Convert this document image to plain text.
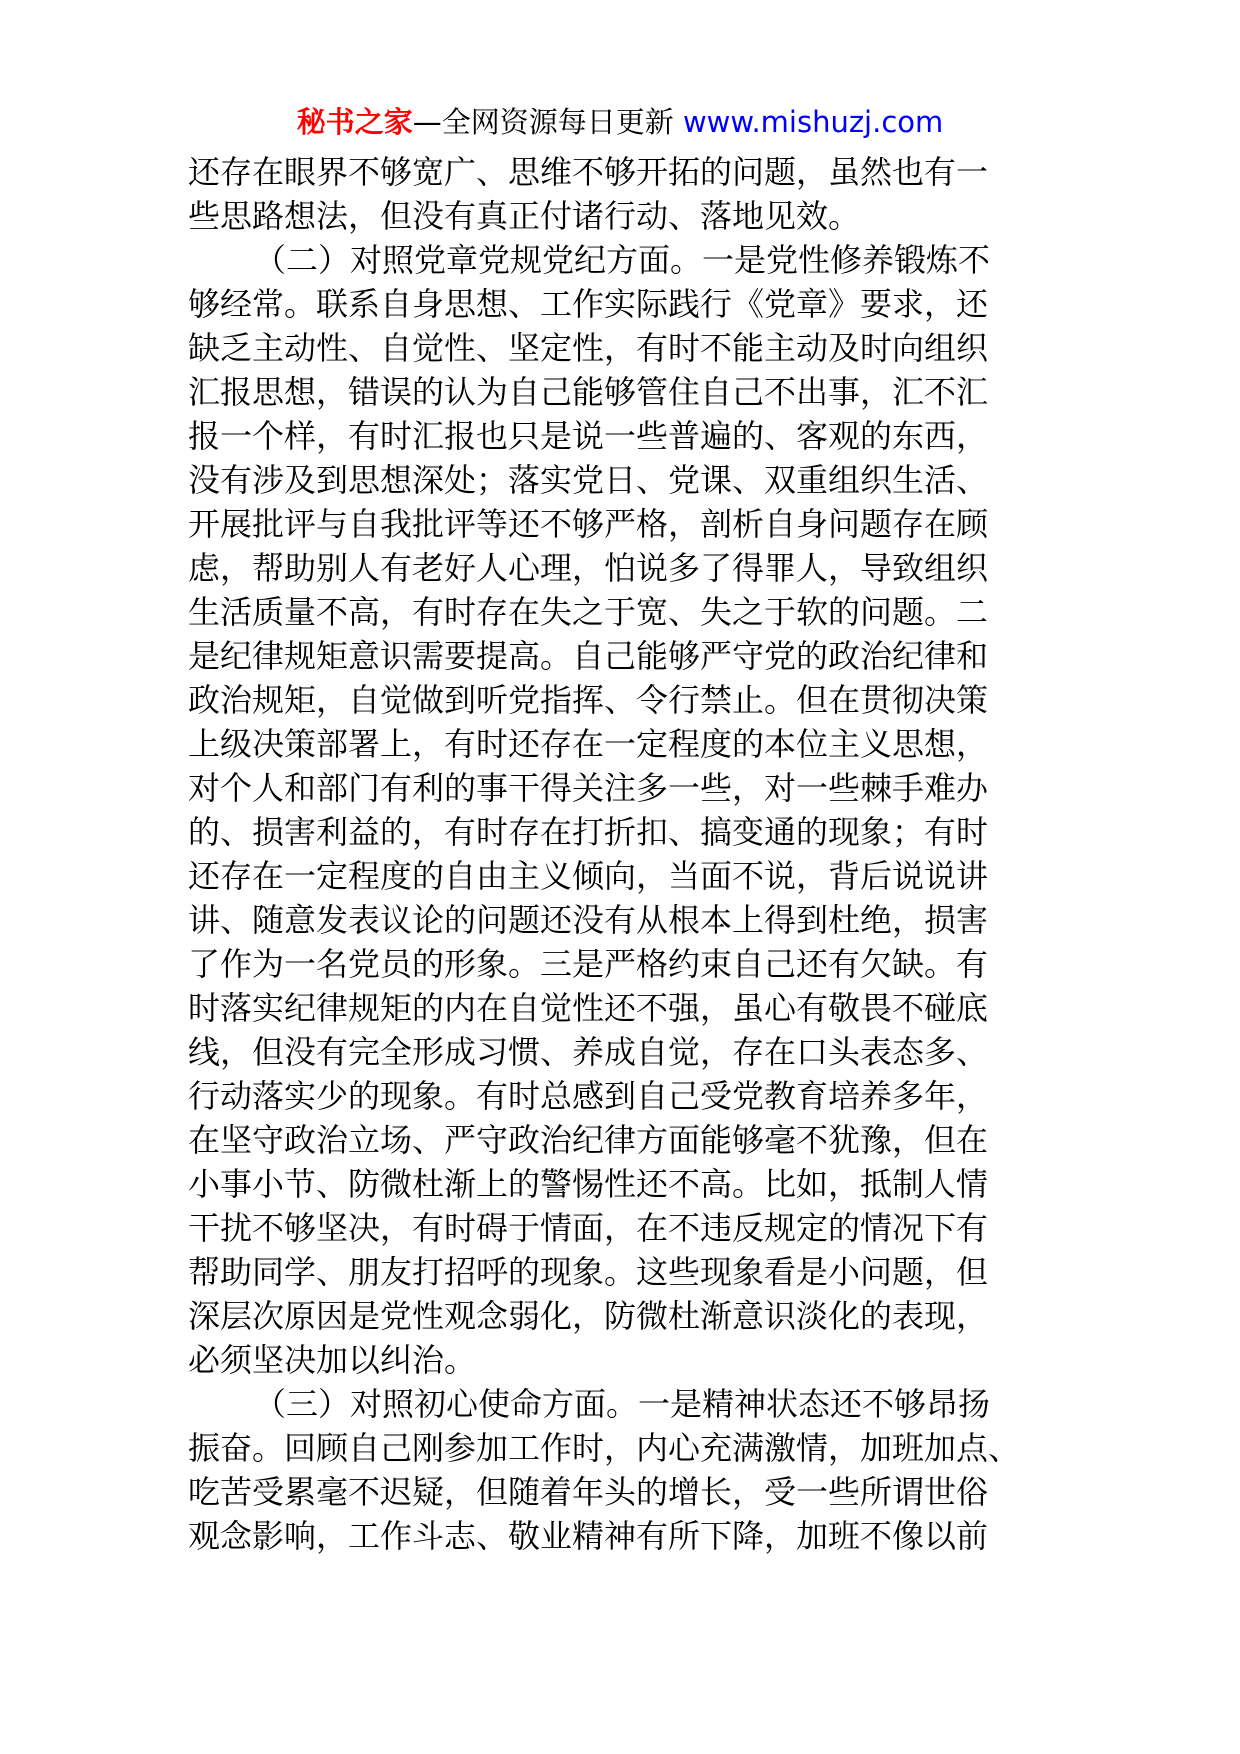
秘书之家—全网资源每日更新 www.mishuzj.com
还存在眼界不够宽广、思维不够开拓的问题，虽然也有一
些思路想法，但没有真正付诸行动、落地见效。
（二）对照党章党规党纪方面。一是党性修养锻炼不
够经常。联系自身思想、工作实际践行《党章》要求，还
缺乏主动性、自觉性、坚定性，有时不能主动及时向组织
汇报思想，错误的认为自己能够管住自己不出事，汇不汇
报一个样，有时汇报也只是说一些普遍的、客观的东西，
没有涉及到思想深处；落实党日、党课、双重组织生活、
开展批评与自我批评等还不够严格，剖析自身问题存在顾
虑，帮助别人有老好人心理，怕说多了得罪人，导致组织
生活质量不高，有时存在失之于宽、失之于软的问题。二
是纪律规矩意识需要提高。自己能够严守党的政治纪律和
政治规矩，自觉做到听党指挥、令行禁止。但在贯彻决策
上级决策部署上，有时还存在一定程度的本位主义思想，
对个人和部门有利的事干得关注多一些，对一些棘手难办
的、损害利益的，有时存在打折扣、搞变通的现象；有时
还存在一定程度的自由主义倾向，当面不说，背后说说讲
讲、随意发表议论的问题还没有从根本上得到杜绝，损害
了作为一名党员的形象。三是严格约束自己还有欠缺。有
时落实纪律规矩的内在自觉性还不强，虽心有敬畏不碰底
线，但没有完全形成习惯、养成自觉，存在口头表态多、
行动落实少的现象。有时总感到自己受党教育培养多年，
在坚守政治立场、严守政治纪律方面能够毫不犹豫，但在
小事小节、防微杜渐上的警惕性还不高。比如，抵制人情
干扰不够坚决，有时碍于情面，在不违反规定的情况下有
帮助同学、朋友打招呼的现象。这些现象看是小问题，但
深层次原因是党性观念弱化，防微杜渐意识淡化的表现，
必须坚决加以纠治。
（三）对照初心使命方面。一是精神状态还不够昂扬
振奋。回顾自己刚参加工作时，内心充满激情，加班加点、
吃苦受累毫不迟疑，但随着年头的增长，受一些所谓世俗
观念影响，工作斗志、敬业精神有所下降，加班不像以前
